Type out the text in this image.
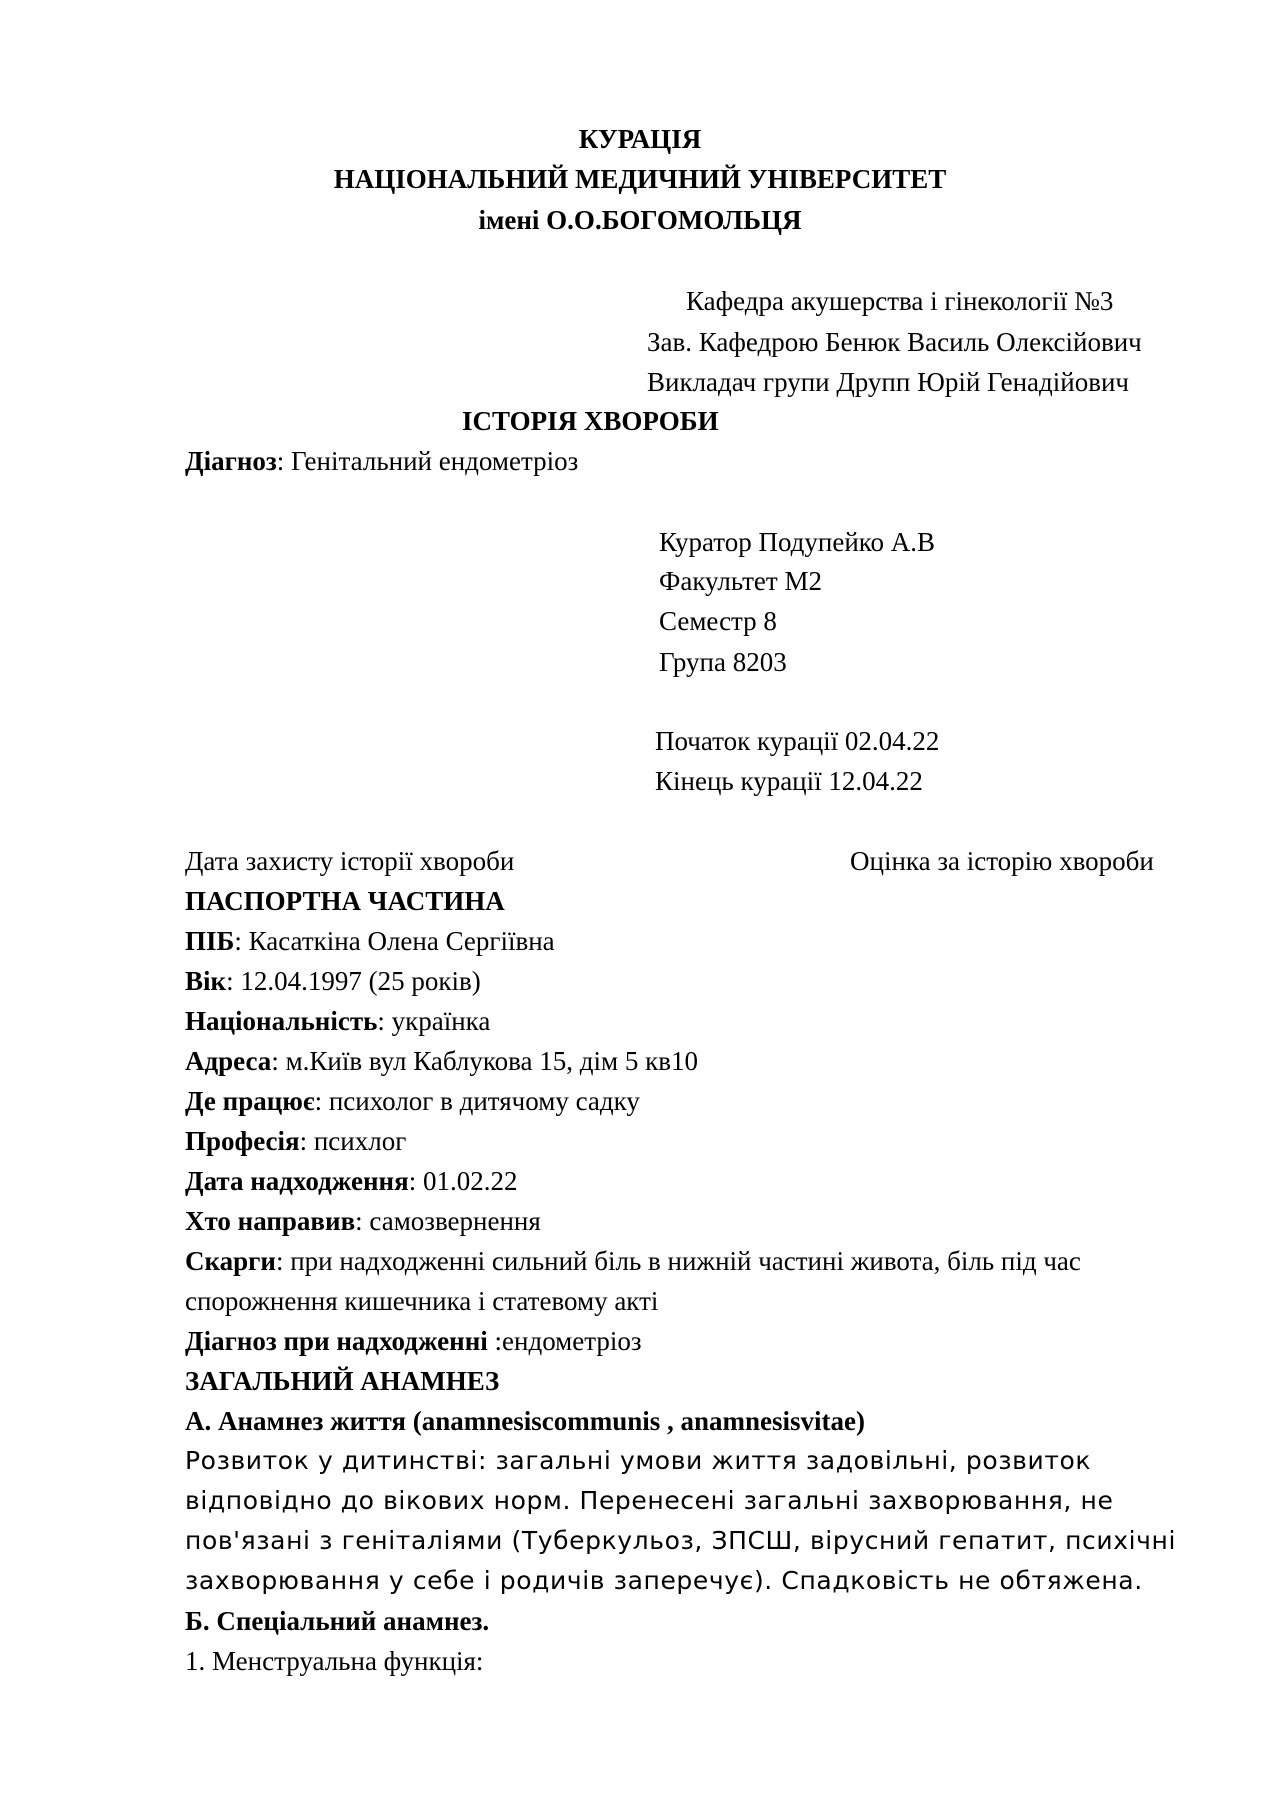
КУРАЦІЯ
НАЦІОНАЛЬНИЙ МЕДИЧНИЙ УНІВЕРСИТЕТ
імені О.О.БОГОМОЛЬЦЯ
Кафедра акушерства і гінекології №3
Зав. Кафедрою Бенюк Василь Олексійович
Викладач групи Друпп Юрій Генадійович
ІСТОРІЯ ХВОРОБИ
Діагноз: Генітальний ендометріоз
Куратор Подупейко А.В
Факультет М2
Семестр 8
Група 8203
Початок курації 02.04.22
Кінець курації 12.04.22
Дата захисту історії хвороби	Оцінка за історію хвороби
ПАСПОРТНА ЧАСТИНА
ПІБ: Касаткіна Олена Сергіївна
Вік: 12.04.1997 (25 років)
Національність: українка
Адреса: м.Київ вул Каблукова 15, дім 5 кв10
Де працює: психолог в дитячому садку
Професія: психлог
Дата надходження: 01.02.22
Хто направив: самозвернення
Скарги: при надходженні сильний біль в нижній частині живота, біль під час
спорожнення кишечника і статевому акті
Діагноз при надходженні :ендометріоз
ЗАГАЛЬНИЙ АНАМНЕЗ
А. Анамнез життя (anamnesiscommunis , anamnesisvitae)
Розвиток у дитинстві: загальні умови життя задовільні, розвиток
відповідно до вікових норм. Перенесені загальні захворювання, не
пов'язані з геніталіями (Туберкульоз, ЗПСШ, вірусний гепатит, психічні
захворювання у себе і родичів заперечує). Спадковість не обтяжена.
Б. Спеціальний анамнез.
1. Менструальна функція:
